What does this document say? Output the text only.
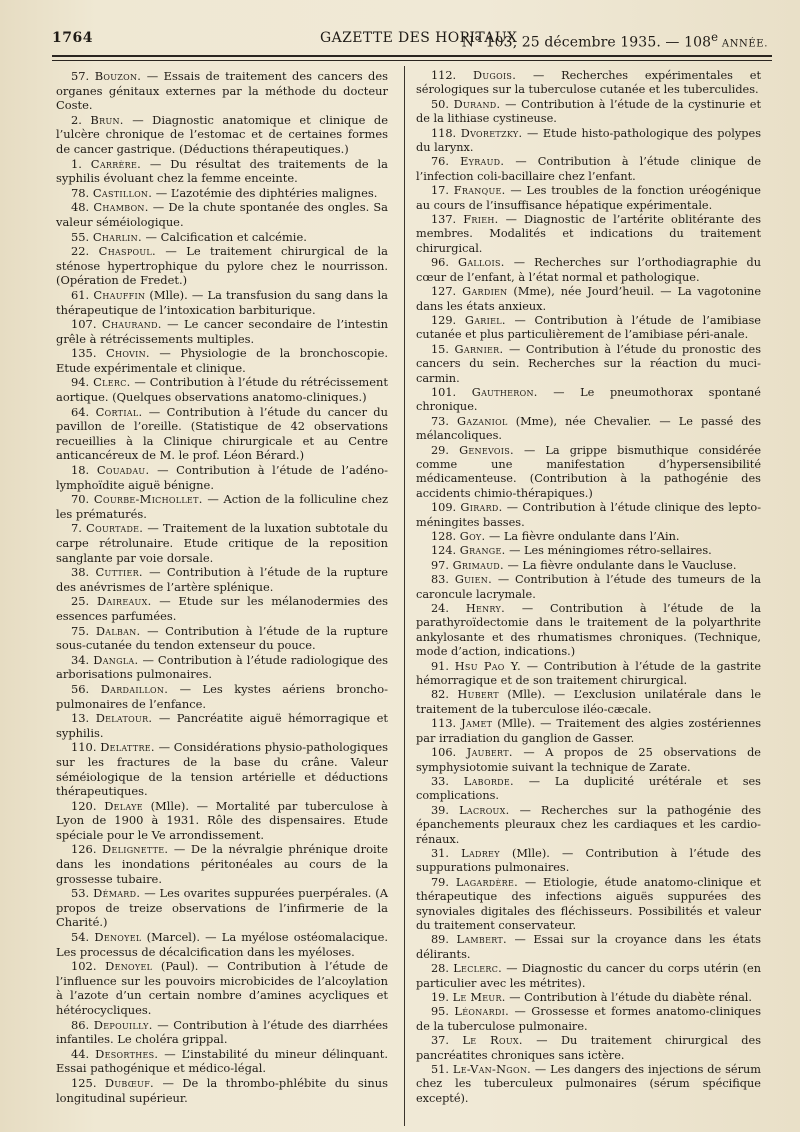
1764	GAZETTE DES HOPITAUX
N° 103, 25 décembre 1935. — 108e ANNÉE.

57. Bouzon. — Essais de traitement des cancers des organes génitaux externes par la méthode du docteur Coste.

2. Brun. — Diagnostic anatomique et clinique de l’ulcère chronique de l’estomac et de certaines formes de cancer gastrique. (Déductions thérapeutiques.)

1. Carrère. — Du résultat des traitements de la syphilis évoluant chez la femme enceinte.

78. Castillon. — L’azotémie des diphtéries malignes.

48. Chambon. — De la chute spontanée des ongles. Sa valeur séméiologique.

55. Charlin. — Calcification et calcémie.

22. Chaspoul. — Le traitement chirurgical de la sténose hypertrophique du pylore chez le nourrisson. (Opération de Fredet.)

61. Chauffin (Mlle). — La transfusion du sang dans la thérapeutique de l’intoxication barbiturique.

107. Chaurand. — Le cancer secondaire de l’intestin grêle à rétrécissements multiples.

135. Chovin. — Physiologie de la bronchoscopie. Etude expérimentale et clinique.

94. Clerc. — Contribution à l’étude du rétrécissement aortique. (Quelques observations anatomo-cliniques.)

64. Cortial. — Contribution à l’étude du cancer du pavillon de l’oreille. (Statistique de 42 observations recueillies à la Clinique chirurgicale et au Centre anticancéreux de M. le prof. Léon Bérard.)

18. Couadau. — Contribution à l’étude de l’adéno-lymphoïdite aiguë bénigne.

70. Courbe-Michollet. — Action de la folliculine chez les prématurés.

7. Courtade. — Traitement de la luxation subtotale du carpe rétrolunaire. Etude critique de la reposition sanglante par voie dorsale.

38. Cuttier. — Contribution à l’étude de la rupture des anévrismes de l’artère splénique.

25. Daireaux. — Etude sur les mélanodermies des essences parfumées.

75. Dalban. — Contribution à l’étude de la rupture sous-cutanée du tendon extenseur du pouce.

34. Dangla. — Contribution à l’étude radiologique des arborisations pulmonaires.

56. Dardaillon. — Les kystes aériens broncho-pulmonaires de l’enfance.

13. Delatour. — Pancréatite aiguë hémorragique et syphilis.

110. Delattre. — Considérations physio-pathologiques sur les fractures de la base du crâne. Valeur séméiologique de la tension artérielle et déductions thérapeutiques.

120. Delaye (Mlle). — Mortalité par tuberculose à Lyon de 1900 à 1931. Rôle des dispensaires. Etude spéciale pour le Ve arrondissement.

126. Delignette. — De la névralgie phrénique droite dans les inondations péritonéales au cours de la grossesse tubaire.

53. Démard. — Les ovarites suppurées puerpérales. (A propos de treize observations de l’infirmerie de la Charité.)

54. Denoyel (Marcel). — La myélose ostéomalacique. Les processus de décalcification dans les myéloses.

102. Denoyel (Paul). — Contribution à l’étude de l’influence sur les pouvoirs microbicides de l’alcoylation à l’azote d’un certain nombre d’amines acycliques et hétérocycliques.

86. Depouilly. — Contribution à l’étude des diarrhées infantiles. Le choléra grippal.

44. Desorthes. — L’instabilité du mineur délinquant. Essai pathogénique et médico-légal.

125. Dubœuf. — De la thrombo-phlébite du sinus longitudinal supérieur.

112. Dugois. — Recherches expérimentales et sérologiques sur la tuberculose cutanée et les tuberculides.

50. Durand. — Contribution à l’étude de la cystinurie et de la lithiase cystineuse.

118. Dvoretzky. — Etude histo-pathologique des polypes du larynx.

76. Eyraud. — Contribution à l’étude clinique de l’infection coli-bacillaire chez l’enfant.

17. Franque. — Les troubles de la fonction uréogénique au cours de l’insuffisance hépatique expérimentale.

137. Frieh. — Diagnostic de l’artérite oblitérante des membres. Modalités et indications du traitement chirurgical.

96. Gallois. — Recherches sur l’orthodiagraphie du cœur de l’enfant, à l’état normal et pathologique.

127. Gardien (Mme), née Jourd’heuil. — La vagotonine dans les états anxieux.

129. Gariel. — Contribution à l’étude de l’amibiase cutanée et plus particulièrement de l’amibiase péri-anale.

15. Garnier. — Contribution à l’étude du pronostic des cancers du sein. Recherches sur la réaction du muci-carmin.

101. Gautheron. — Le pneumothorax spontané chronique.

73. Gazaniol (Mme), née Chevalier. — Le passé des mélancoliques.

29. Genevois. — La grippe bismuthique considérée comme une manifestation d’hypersensibilité médicamenteuse. (Contribution à la pathogénie des accidents chimio-thérapiques.)

109. Girard. — Contribution à l’étude clinique des lepto-méningites basses.

128. Goy. — La fièvre ondulante dans l’Ain.

124. Grange. — Les méningiomes rétro-sellaires.

97. Grimaud. — La fièvre ondulante dans le Vaucluse.

83. Guien. — Contribution à l’étude des tumeurs de la caroncule lacrymale.

24. Henry. — Contribution à l’étude de la parathyroïdectomie dans le traitement de la polyarthrite ankylosante et des rhumatismes chroniques. (Technique, mode d’action, indications.)

91. Hsu Pao Y. — Contribution à l’étude de la gastrite hémorragique et de son traitement chirurgical.

82. Hubert (Mlle). — L’exclusion unilatérale dans le traitement de la tuberculose iléo-cæcale.

113. Jamet (Mlle). — Traitement des algies zostériennes par irradiation du ganglion de Gasser.

106. Jaubert. — A propos de 25 observations de symphysiotomie suivant la technique de Zarate.

33. Laborde. — La duplicité urétérale et ses complications.

39. Lacroux. — Recherches sur la pathogénie des épanchements pleuraux chez les cardiaques et les cardio-rénaux.

31. Ladrey (Mlle). — Contribution à l’étude des suppurations pulmonaires.

79. Lagardère. — Etiologie, étude anatomo-clinique et thérapeutique des infections aiguës suppurées des synoviales digitales des fléchisseurs. Possibilités et valeur du traitement conservateur.

89. Lambert. — Essai sur la croyance dans les états délirants.

28. Leclerc. — Diagnostic du cancer du corps utérin (en particulier avec les métrites).

19. Le Meur. — Contribution à l’étude du diabète rénal.

95. Léonardi. — Grossesse et formes anatomo-cliniques de la tuberculose pulmonaire.

37. Le Roux. — Du traitement chirurgical des pancréatites chroniques sans ictère.

51. Le-Van-Ngon. — Les dangers des injections de sérum chez les tuberculeux pulmonaires (sérum spécifique excepté).
